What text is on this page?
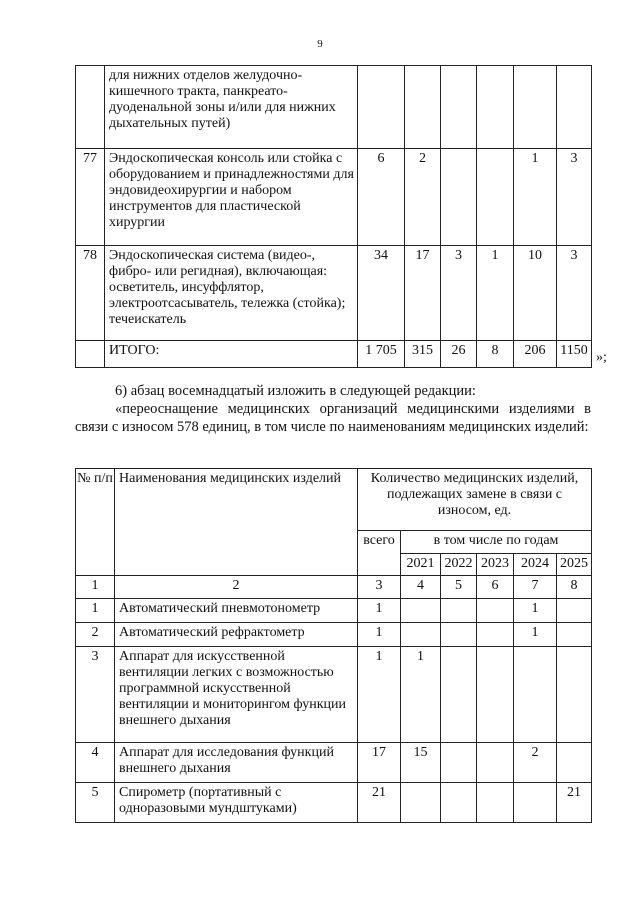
9
	для нижних отделов желудочно-кишечного тракта, панкреато-дуоденальной зоны и/или для нижних дыхательных путей)						
77	Эндоскопическая консоль или стойка с оборудованием и принадлежностями для эндовидеохирургии и набором инструментов для пластической хирургии	6	2			1	3
78	Эндоскопическая система (видео-, фибро- или регидная), включающая: осветитель, инсуффлятор, электроотсасыватель, тележка (стойка); течеискатель	34	17	3	1	10	3
	ИТОГО:	1 705	315	26	8	206	1150 »;
6) абзац восемнадцатый изложить в следующей редакции:
«переоснащение медицинских организаций медицинскими изделиями в связи с износом 578 единиц, в том числе по наименованиям медицинских изделий:
№ п/п	Наименования медицинских изделий	Количество медицинских изделий, подлежащих замене в связи с износом, ед.					
		всего	в том числе по годам				
			2021	2022	2023	2024	2025
1	2	3	4	5	6	7	8
1	Автоматический пневмотонометр	1				1	
2	Автоматический рефрактометр	1				1	
3	Аппарат для искусственной вентиляции легких с возможностью программной искусственной вентиляции и мониторингом функции внешнего дыхания	1	1				
4	Аппарат для исследования функций внешнего дыхания	17	15			2	
5	Спирометр (портативный с одноразовыми мундштуками)	21					21
